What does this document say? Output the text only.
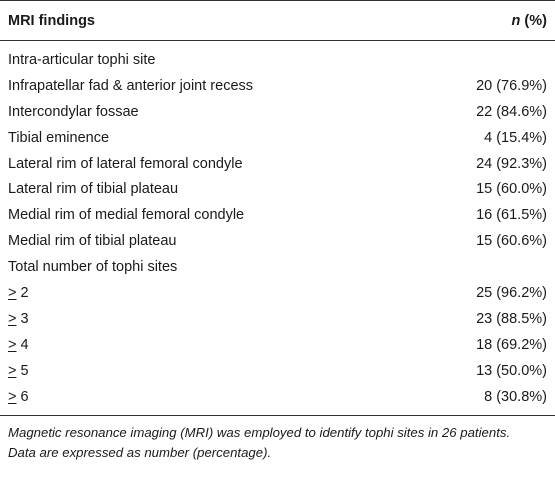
MRI findings	n (%)
Intra-articular tophi site
Infrapatellar fad & anterior joint recess	20 (76.9%)
Intercondylar fossae	22 (84.6%)
Tibial eminence	4 (15.4%)
Lateral rim of lateral femoral condyle	24 (92.3%)
Lateral rim of tibial plateau	15 (60.0%)
Medial rim of medial femoral condyle	16 (61.5%)
Medial rim of tibial plateau	15 (60.6%)
Total number of tophi sites
> 2	25 (96.2%)
> 3	23 (88.5%)
> 4	18 (69.2%)
> 5	13 (50.0%)
> 6	8 (30.8%)
Magnetic resonance imaging (MRI) was employed to identify tophi sites in 26 patients.
Data are expressed as number (percentage).
